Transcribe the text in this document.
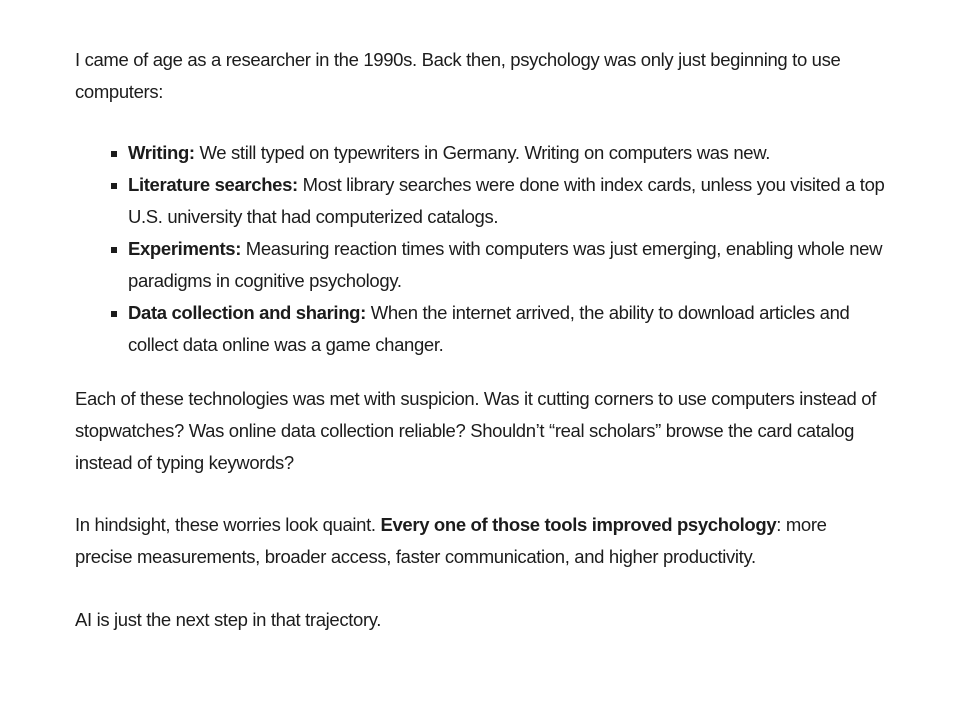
I came of age as a researcher in the 1990s. Back then, psychology was only just beginning to use computers:

Writing: We still typed on typewriters in Germany. Writing on computers was new.
Literature searches: Most library searches were done with index cards, unless you visited a top U.S. university that had computerized catalogs.
Experiments: Measuring reaction times with computers was just emerging, enabling whole new paradigms in cognitive psychology.
Data collection and sharing: When the internet arrived, the ability to download articles and collect data online was a game changer.

Each of these technologies was met with suspicion. Was it cutting corners to use computers instead of stopwatches? Was online data collection reliable? Shouldn’t “real scholars” browse the card catalog instead of typing keywords?

In hindsight, these worries look quaint. Every one of those tools improved psychology: more precise measurements, broader access, faster communication, and higher productivity.

AI is just the next step in that trajectory.
